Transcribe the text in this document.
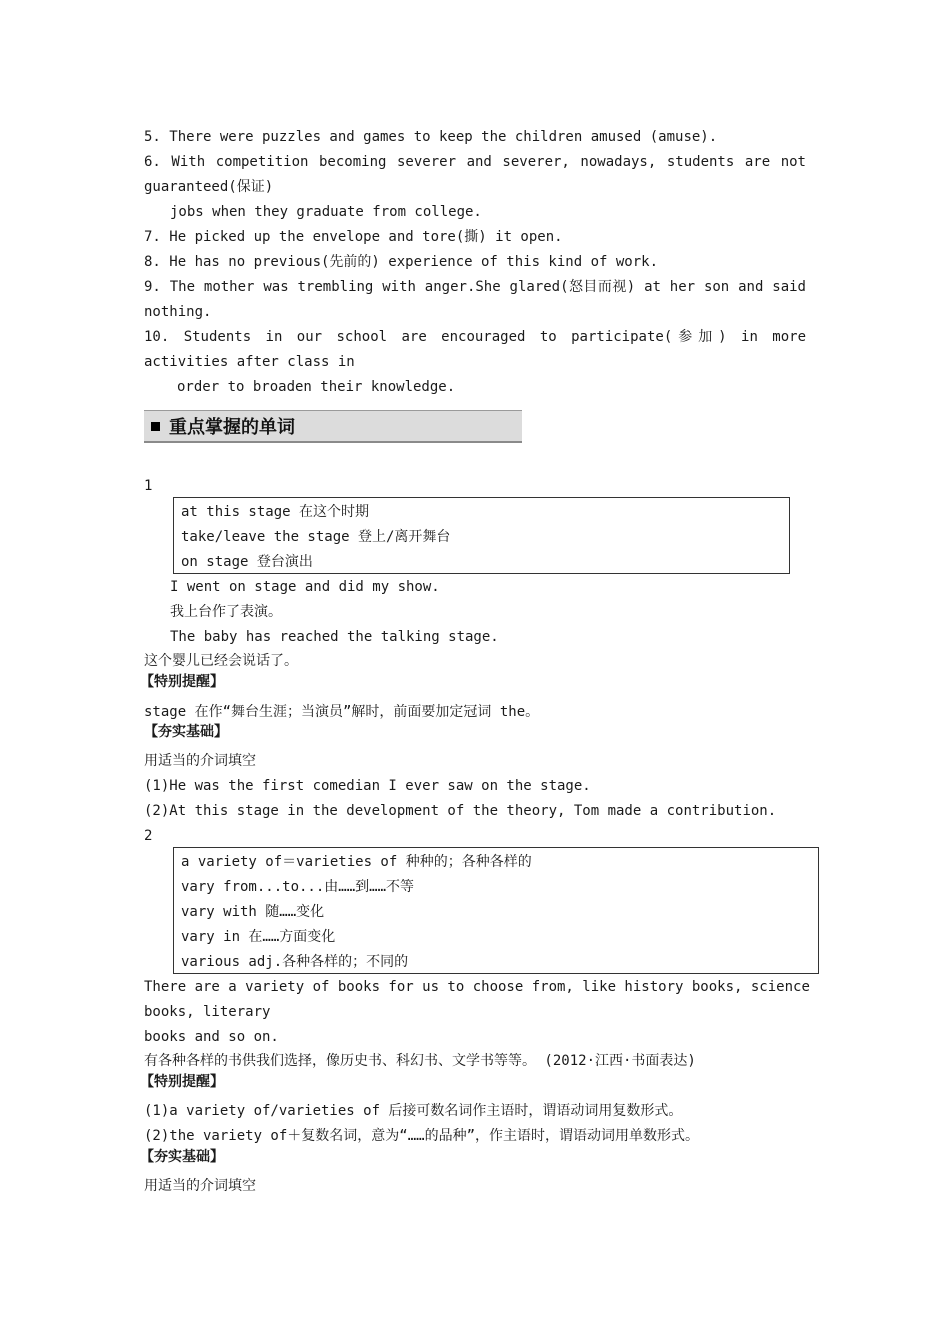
5. There were puzzles and games to keep the children amused (amuse).
6. With competition becoming severer and severer, nowadays, students are not
guaranteed(保证)
jobs when they graduate from college.
7. He picked up the envelope and tore(撕) it open.
8. He has no previous(先前的) experience of this kind of work.
9. The mother was trembling with anger.She glared(怒目而视) at her son and said
nothing.
10. Students in our school are encouraged to participate(参加) in more
activities after class in
order to broaden their knowledge.
重点掌握的单词
1
at this stage 在这个时期
take/leave the stage 登上/离开舞台
on stage 登台演出
I went on stage and did my show.
我上台作了表演。
The baby has reached the talking stage.
这个婴儿已经会说话了。
【特别提醒】
stage 在作“舞台生涯；当演员”解时，前面要加定冠词 the。
【夯实基础】
用适当的介词填空
(1)He was the first comedian I ever saw on the stage.
(2)At this stage in the development of the theory, Tom made a contribution.
2
a variety of＝varieties of 种种的；各种各样的
vary from...to...由……到……不等
vary with 随……变化
vary in 在……方面变化
various adj.各种各样的；不同的
There are a variety of books for us to choose from, like history books, science
books, literary
books and so on.
有各种各样的书供我们选择，像历史书、科幻书、文学书等等。 (2012·江西·书面表达)
【特别提醒】
(1)a variety of/varieties of 后接可数名词作主语时，谓语动词用复数形式。
(2)the variety of＋复数名词，意为“……的品种”，作主语时，谓语动词用单数形式。
【夯实基础】
用适当的介词填空
